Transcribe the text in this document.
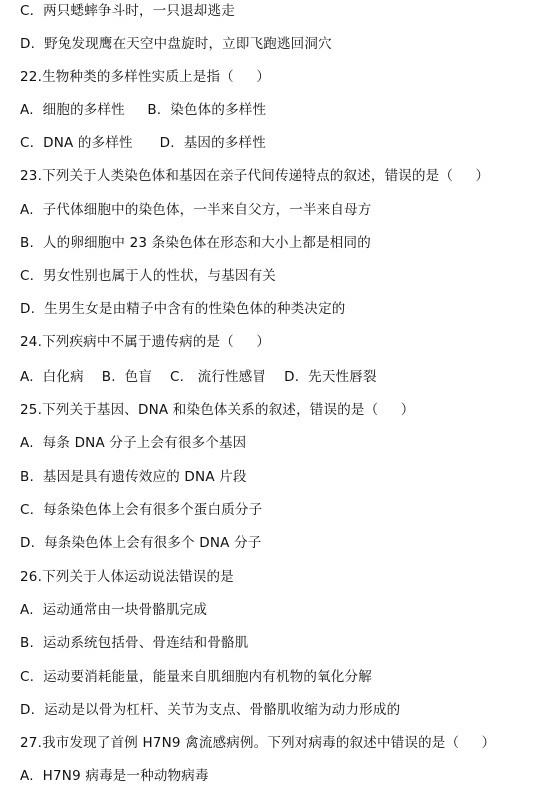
C.  两只蟋蟀争斗时，一只退却逃走
D.  野兔发现鹰在天空中盘旋时，立即飞跑逃回洞穴
22.生物种类的多样性实质上是指（     ）
A.  细胞的多样性     B.  染色体的多样性
C.  DNA 的多样性      D.  基因的多样性
23.下列关于人类染色体和基因在亲子代间传递特点的叙述，错误的是（     ）
A.  子代体细胞中的染色体，一半来自父方，一半来自母方
B.  人的卵细胞中 23 条染色体在形态和大小上都是相同的
C.  男女性别也属于人的性状，与基因有关
D.  生男生女是由精子中含有的性染色体的种类决定的
24.下列疾病中不属于遗传病的是（     ）
A.  白化病    B.  色盲    C.   流行性感冒    D.  先天性唇裂
25.下列关于基因、DNA 和染色体关系的叙述，错误的是（     ）
A.  每条 DNA 分子上会有很多个基因
B.  基因是具有遗传效应的 DNA 片段
C.  每条染色体上会有很多个蛋白质分子
D.  每条染色体上会有很多个 DNA 分子
26.下列关于人体运动说法错误的是
A.  运动通常由一块骨骼肌完成
B.  运动系统包括骨、骨连结和骨骼肌
C.  运动要消耗能量，能量来自肌细胞内有机物的氧化分解
D.  运动是以骨为杠杆、关节为支点、骨骼肌收缩为动力形成的
27.我市发现了首例 H7N9 禽流感病例。下列对病毒的叙述中错误的是（     ）
A.  H7N9 病毒是一种动物病毒
